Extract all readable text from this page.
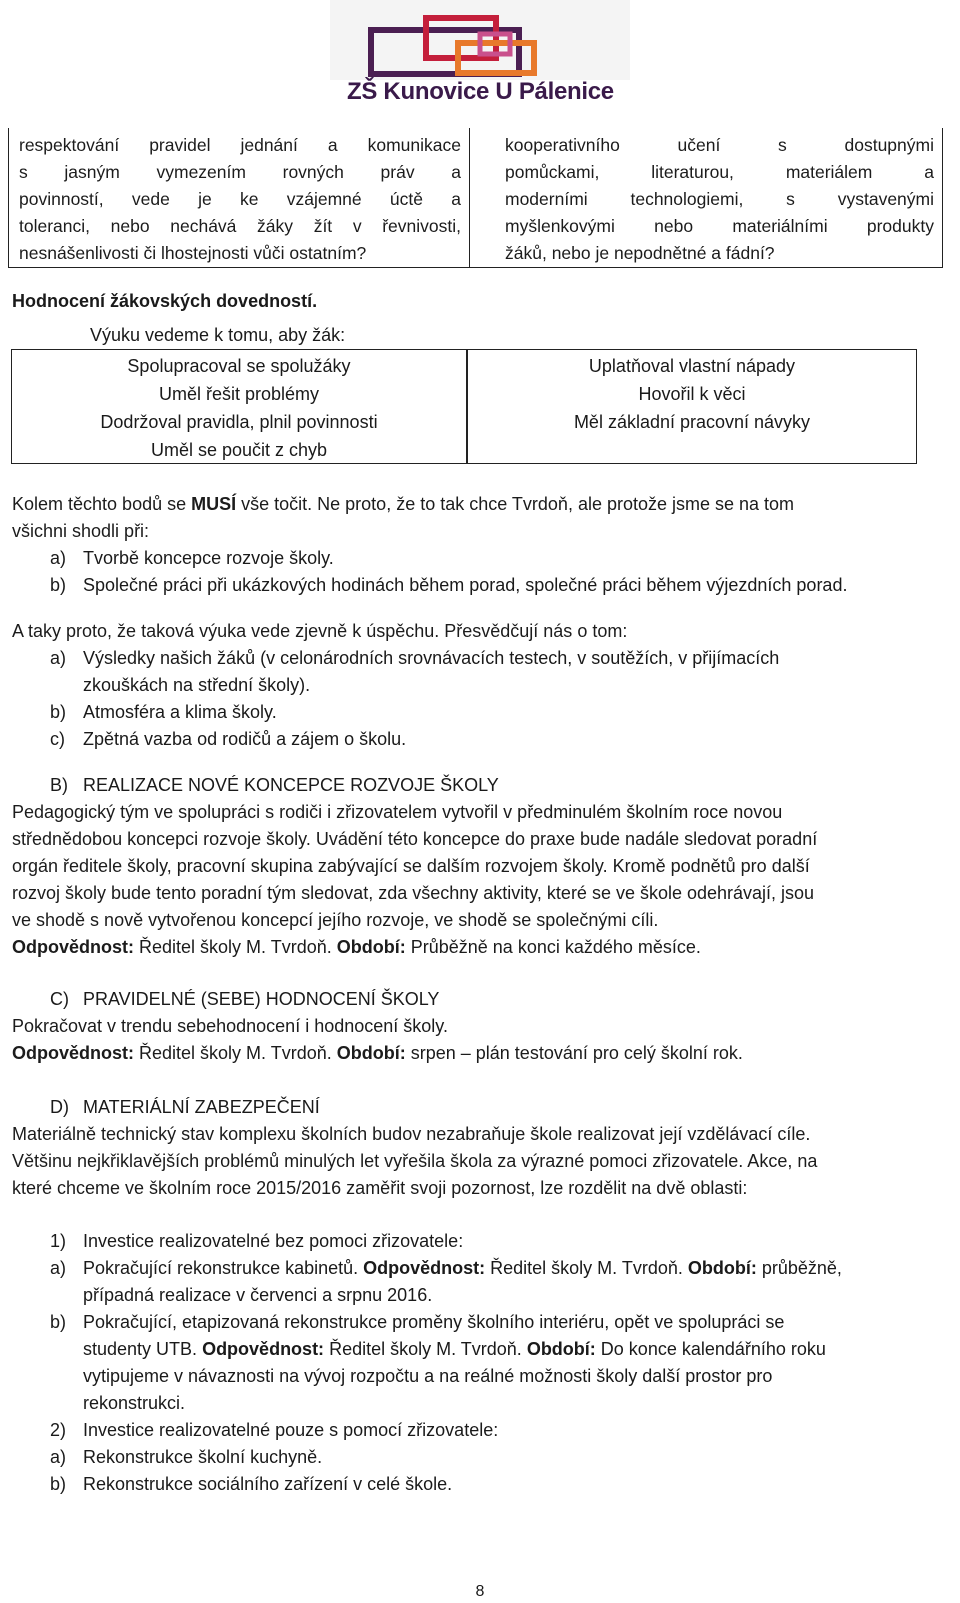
ZŠ Kunovice U Pálenice
respektování pravidel jednání a komunikace
s jasným vymezením rovných práv a
povinností, vede je ke vzájemné úctě a
toleranci, nebo nechává žáky žít v řevnivosti,
nesnášenlivosti či lhostejnosti vůči ostatním?
kooperativního učení s dostupnými
pomůckami, literaturou, materiálem a
moderními technologiemi, s vystavenými
myšlenkovými nebo materiálními produkty
žáků, nebo je nepodnětné a fádní?
Hodnocení žákovských dovedností.
Výuku vedeme k tomu, aby žák:
Spolupracoval se spolužáky
Uměl řešit problémy
Dodržoval pravidla, plnil povinnosti
Uměl se poučit z chyb
Uplatňoval vlastní nápady
Hovořil k věci
Měl základní pracovní návyky
Kolem těchto bodů se MUSÍ vše točit. Ne proto, že to tak chce Tvrdoň, ale protože jsme se na tom
všichni shodli při:
a) Tvorbě koncepce rozvoje školy.
b) Společné práci při ukázkových hodinách během porad, společné práci během výjezdních porad.
A taky proto, že taková výuka vede zjevně k úspěchu. Přesvědčují nás o tom:
a) Výsledky našich žáků (v celonárodních srovnávacích testech, v soutěžích, v přijímacích
zkouškách na střední školy).
b) Atmosféra a klima školy.
c) Zpětná vazba od rodičů a zájem o školu.
B) REALIZACE NOVÉ KONCEPCE ROZVOJE ŠKOLY
Pedagogický tým ve spolupráci s rodiči i zřizovatelem vytvořil v předminulém školním roce novou
střednědobou koncepci rozvoje školy. Uvádění této koncepce do praxe bude nadále sledovat poradní
orgán ředitele školy, pracovní skupina zabývající se dalším rozvojem školy. Kromě podnětů pro další
rozvoj školy bude tento poradní tým sledovat, zda všechny aktivity, které se ve škole odehrávají, jsou
ve shodě s nově vytvořenou koncepcí jejího rozvoje, ve shodě se společnými cíli.
Odpovědnost: Ředitel školy M. Tvrdoň. Období: Průběžně na konci každého měsíce.
C) PRAVIDELNÉ (SEBE) HODNOCENÍ ŠKOLY
Pokračovat v trendu sebehodnocení i hodnocení školy.
Odpovědnost: Ředitel školy M. Tvrdoň. Období: srpen – plán testování pro celý školní rok.
D) MATERIÁLNÍ ZABEZPEČENÍ
Materiálně technický stav komplexu školních budov nezabraňuje škole realizovat její vzdělávací cíle.
Většinu nejkřiklavějších problémů minulých let vyřešila škola za výrazné pomoci zřizovatele. Akce, na
které chceme ve školním roce 2015/2016 zaměřit svoji pozornost, lze rozdělit na dvě oblasti:
1) Investice realizovatelné bez pomoci zřizovatele:
a) Pokračující rekonstrukce kabinetů. Odpovědnost: Ředitel školy M. Tvrdoň. Období: průběžně,
případná realizace v červenci a srpnu 2016.
b) Pokračující, etapizovaná rekonstrukce proměny školního interiéru, opět ve spolupráci se
studenty UTB. Odpovědnost: Ředitel školy M. Tvrdoň. Období: Do konce kalendářního roku
vytipujeme v návaznosti na vývoj rozpočtu a na reálné možnosti školy další prostor pro
rekonstrukci.
2) Investice realizovatelné pouze s pomocí zřizovatele:
a) Rekonstrukce školní kuchyně.
b) Rekonstrukce sociálního zařízení v celé škole.
8
